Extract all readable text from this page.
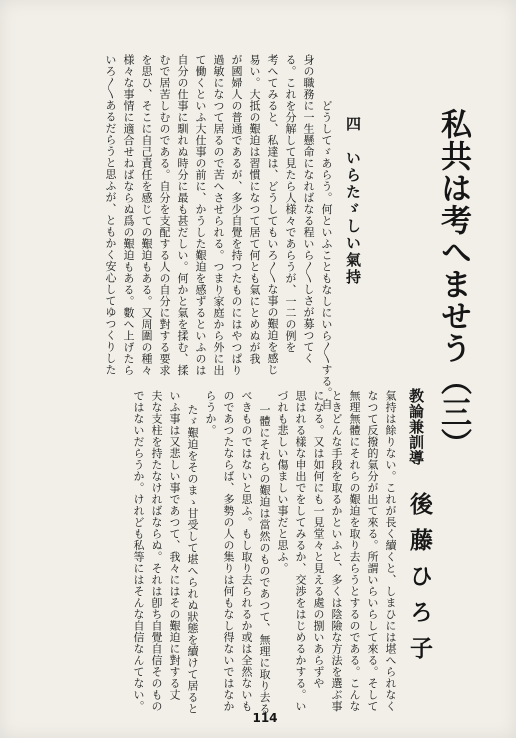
私共は考へませう（三）
教論兼訓導
後藤ひろ子
四　いらたゞしい氣持
どうしてゞあらう。何といふこともなしにいら〳〵する。自
身の職務に一生懸命になればなる程いら〳〵しさが募つてく
る。これを分解して見たら人様々であらうが、一二の例を
考へてみると、私達は、どうしてもいろ〳〵な事の艱迫を感じ
易い。大抵の艱迫は習慣になつて居て何とも氣にとめぬが我
が國婦人の普通であるが、多少自覺を持つたものにはやつぱり
過敏になつて居るので苦へさせられる。つまり家庭から外に出
て働くといふ大仕事の前に、かうした艱迫を感ずるといふのは
自分の仕事に馴れぬ時分に最も甚だしい。何かと氣を揉む、揉
むで居苦しむのである。自分を支配する人の自分に對する要求
を思ひ、そこに自己責任を感じての艱迫もある。又周圍の種々
様々な事情に適合せねばならぬ爲の艱迫もある。數へ上げたら
いろ〳〵あるだらうと思ふが、ともかく安心してゆつくりした
氣持は餘りない。これが長く續くと、しまひには堪へられなく
なつて反撥的氣分が出て來る。所謂いらいらして來る。そして
無理無體にそれらの艱迫を取り去らうとするのである。こんな
ときどんな手段を取るかといふと、多くは陰險な方法を選ぶ事
になる。又は如何にも一見堂々と見える處の捌いあらずや
思はれる樣な申出でをしてみるか、交渉をはじめるかする。い
づれも悲しい傷ましい事だと思ふ。
一體にそれらの艱迫は當然のものであつて、無理に取り去る
べきものではないと思ふ。もし取り去られるか或は全然ないも
のであつたならば、多勢の人の集りは何もなし得ないではなか
らうか。
たゞ艱迫をそのまゝ甘受して堪へられぬ狀態を續けて居ると
いふ事は又悲しい事であつて、我々にはその艱迫に對する丈
夫な支柱を持たなければならぬ。それは卽ち自覺自信そのもの
ではないだらうか。けれども私等にはそんな自信なんてない。
114
